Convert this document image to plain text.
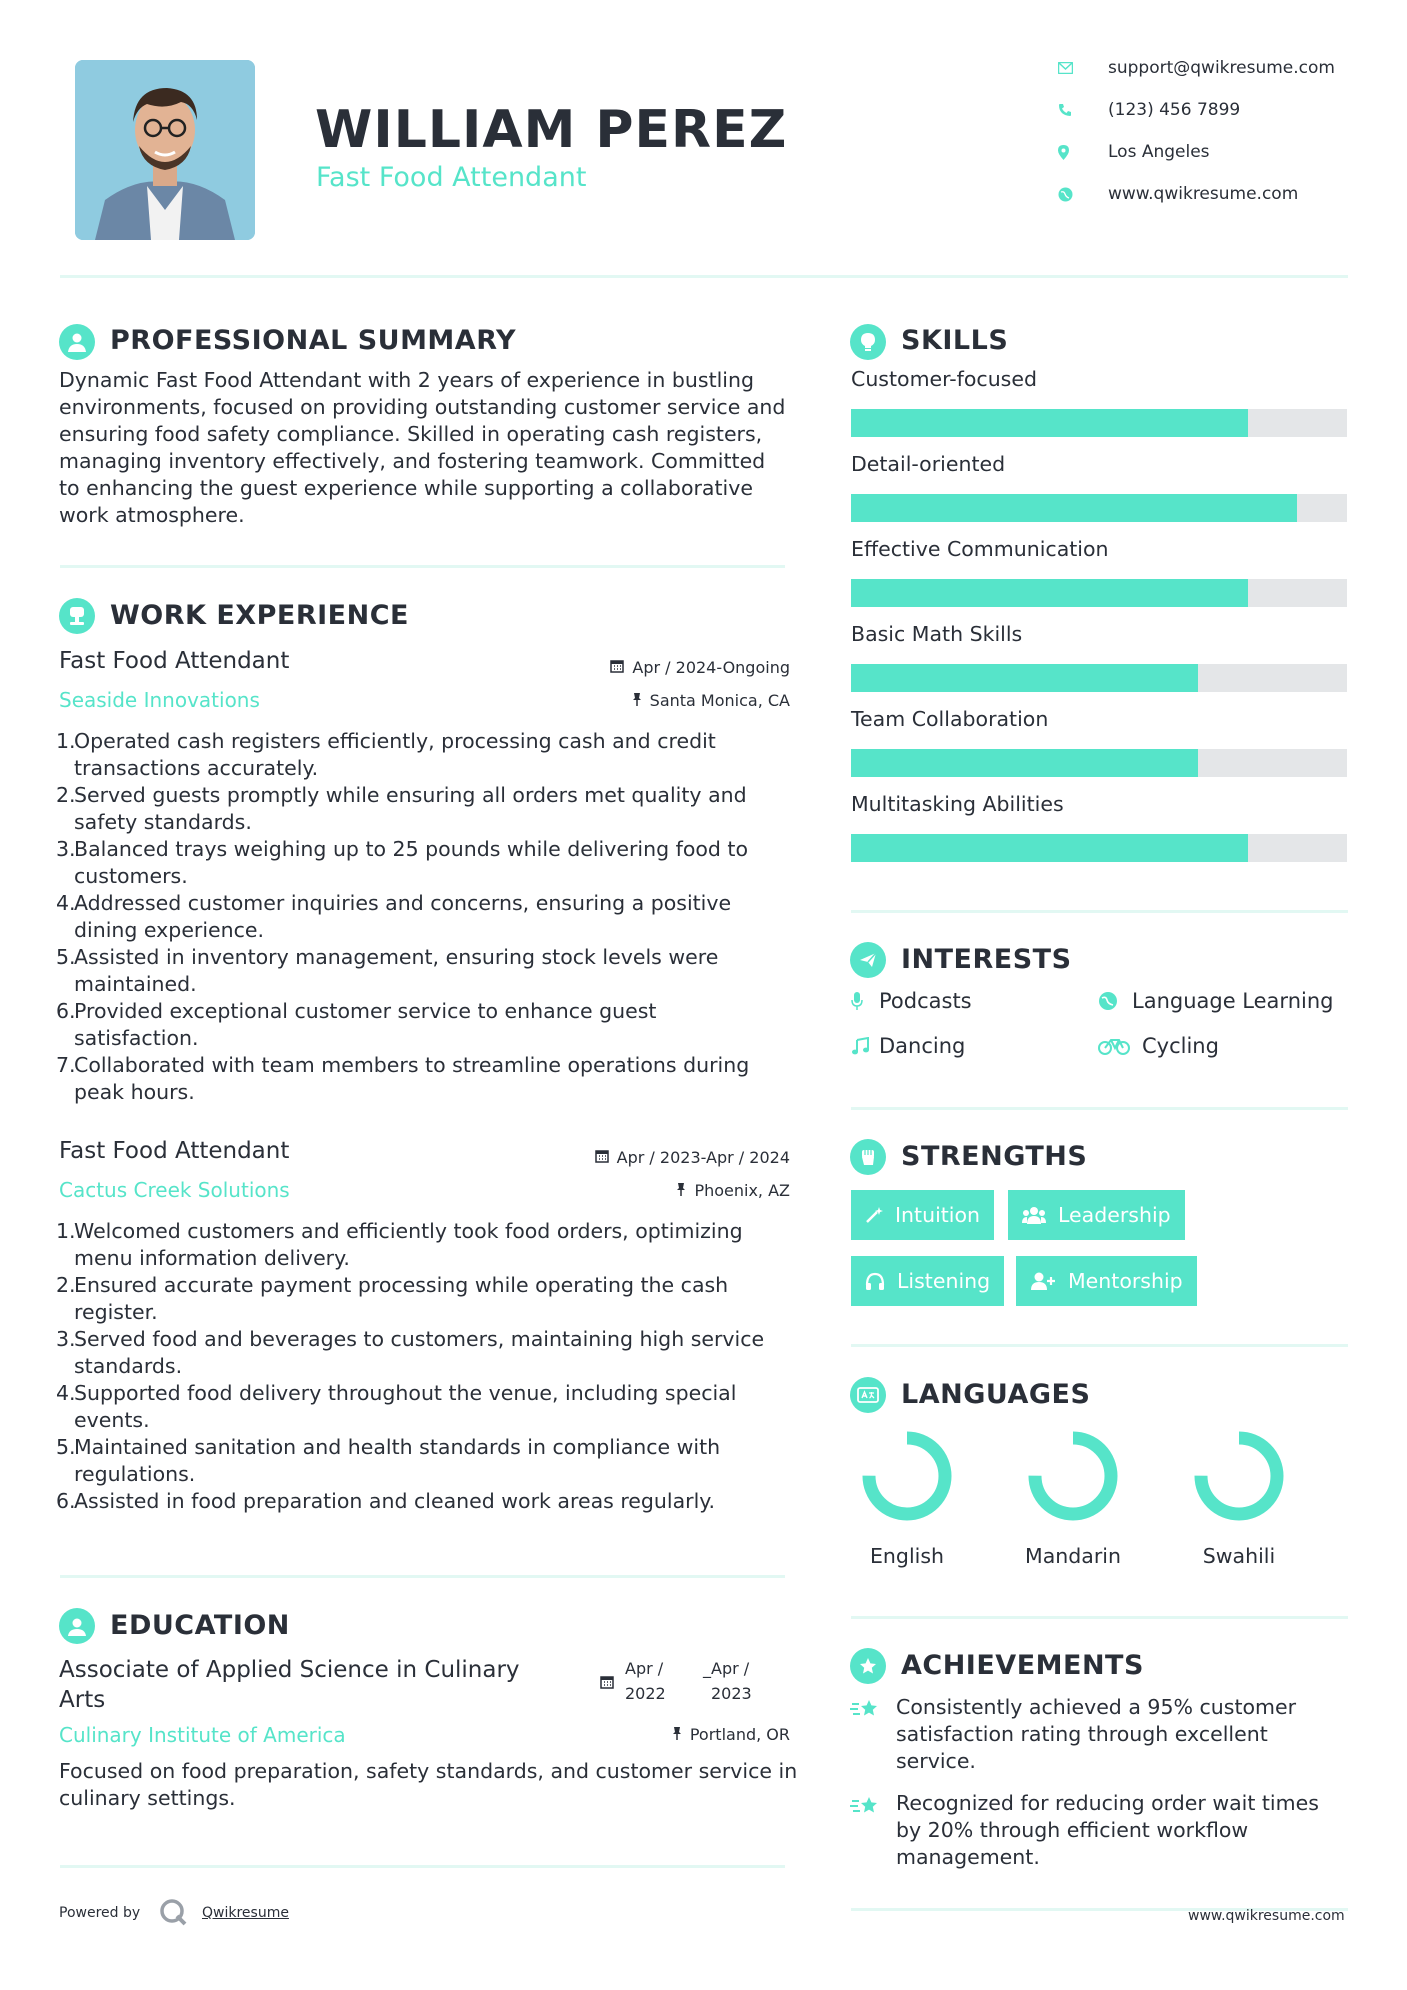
WILLIAM PEREZ
Fast Food Attendant
support@qwikresume.com
(123) 456 7899
Los Angeles
www.qwikresume.com
PROFESSIONAL SUMMARY
Dynamic Fast Food Attendant with 2 years of experience in bustling environments, focused on providing outstanding customer service and ensuring food safety compliance. Skilled in operating cash registers, managing inventory effectively, and fostering teamwork. Committed to enhancing the guest experience while supporting a collaborative work atmosphere.
WORK EXPERIENCE
Fast Food Attendant	Apr / 2024-Ongoing
Seaside Innovations	Santa Monica, CA
1.
Operated cash registers efficiently, processing cash and credit transactions accurately.
2.
Served guests promptly while ensuring all orders met quality and safety standards.
3.
Balanced trays weighing up to 25 pounds while delivering food to customers.
4.
Addressed customer inquiries and concerns, ensuring a positive dining experience.
5.
Assisted in inventory management, ensuring stock levels were maintained.
6.
Provided exceptional customer service to enhance guest satisfaction.
7.
Collaborated with team members to streamline operations during peak hours.
Fast Food Attendant	Apr / 2023-Apr / 2024
Cactus Creek Solutions	Phoenix, AZ
1.
Welcomed customers and efficiently took food orders, optimizing menu information delivery.
2.
Ensured accurate payment processing while operating the cash register.
3.
Served food and beverages to customers, maintaining high service standards.
4.
Supported food delivery throughout the venue, including special events.
5.
Maintained sanitation and health standards in compliance with regulations.
6.
Assisted in food preparation and cleaned work areas regularly.
EDUCATION
Associate of Applied Science in Culinary
Arts
Apr /
2022
_Apr /
2023
Culinary Institute of America	Portland, OR
Focused on food preparation, safety standards, and customer service in culinary settings.
Powered by	Qwikresume
SKILLS
Customer-focused
Detail-oriented
Effective Communication
Basic Math Skills
Team Collaboration
Multitasking Abilities
INTERESTS
Podcasts	Language Learning
Dancing	Cycling
STRENGTHS
Intuition	Leadership
Listening	Mentorship
LANGUAGES
English	Mandarin	Swahili
ACHIEVEMENTS
Consistently achieved a 95% customer satisfaction rating through excellent service.
Recognized for reducing order wait times by 20% through efficient workflow management.
www.qwikresume.com
